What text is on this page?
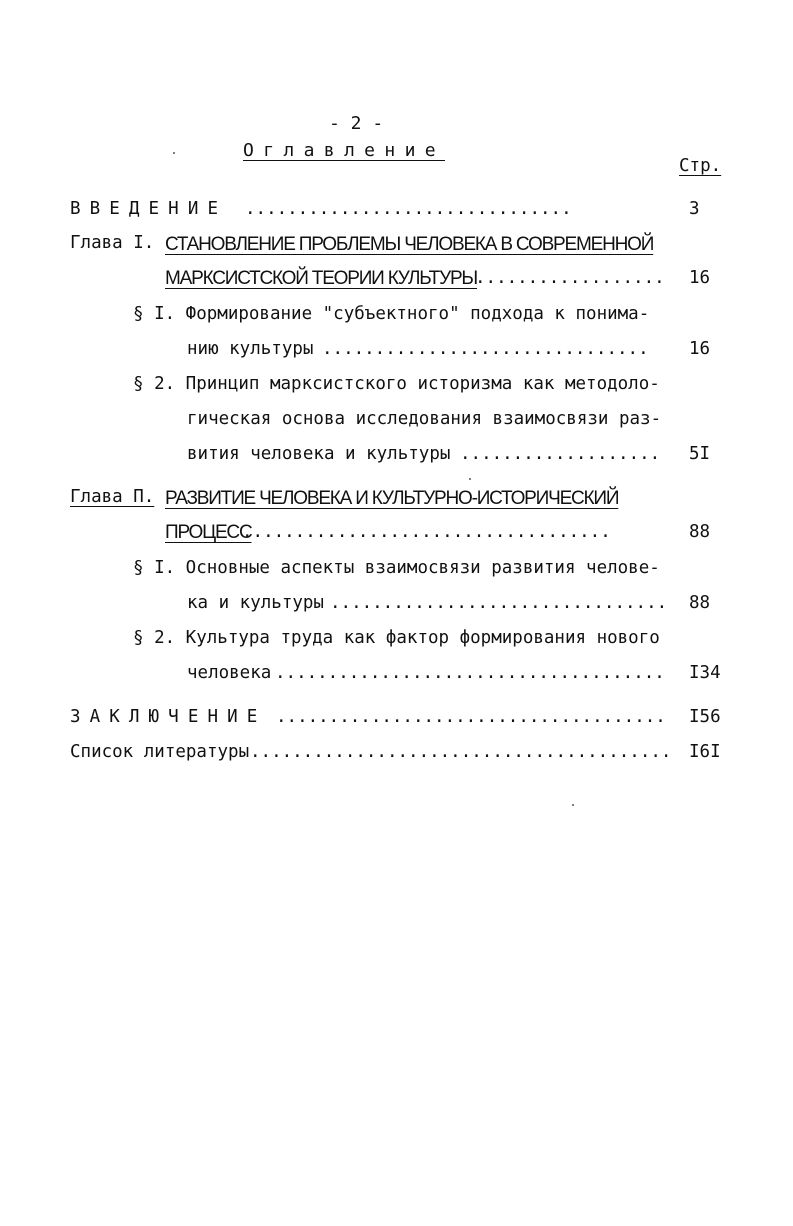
- 2 -
Оглавление
Стр.
ВВЕДЕНИЕ ...............................	3
Глава I. СТАНОВЛЕНИЕ ПРОБЛЕМЫ ЧЕЛОВЕКА В СОВРЕМЕННОЙ
МАРКСИСТСКОЙ ТЕОРИИ КУЛЬТУРЫ
.................. 16
§ I. Формирование "субъектного" подхода к понима-
нию культуры ............................... 16
§ 2. Принцип марксистского историзма как методоло-
гическая основа исследования взаимосвязи раз-
вития человека и культуры ................... 5I
Глава П. РАЗВИТИЕ ЧЕЛОВЕКА И КУЛЬТУРНО-ИСТОРИЧЕСКИЙ
ПРОЦЕСС
...................................	88
§ I. Основные аспекты взаимосвязи развития челове-
ка и культуры ................................ 88
§ 2. Культура труда как фактор формирования нового
человека ..................................... I34
ЗАКЛЮЧЕНИЕ ..................................... I56
Список литературы ........................................ I6I
